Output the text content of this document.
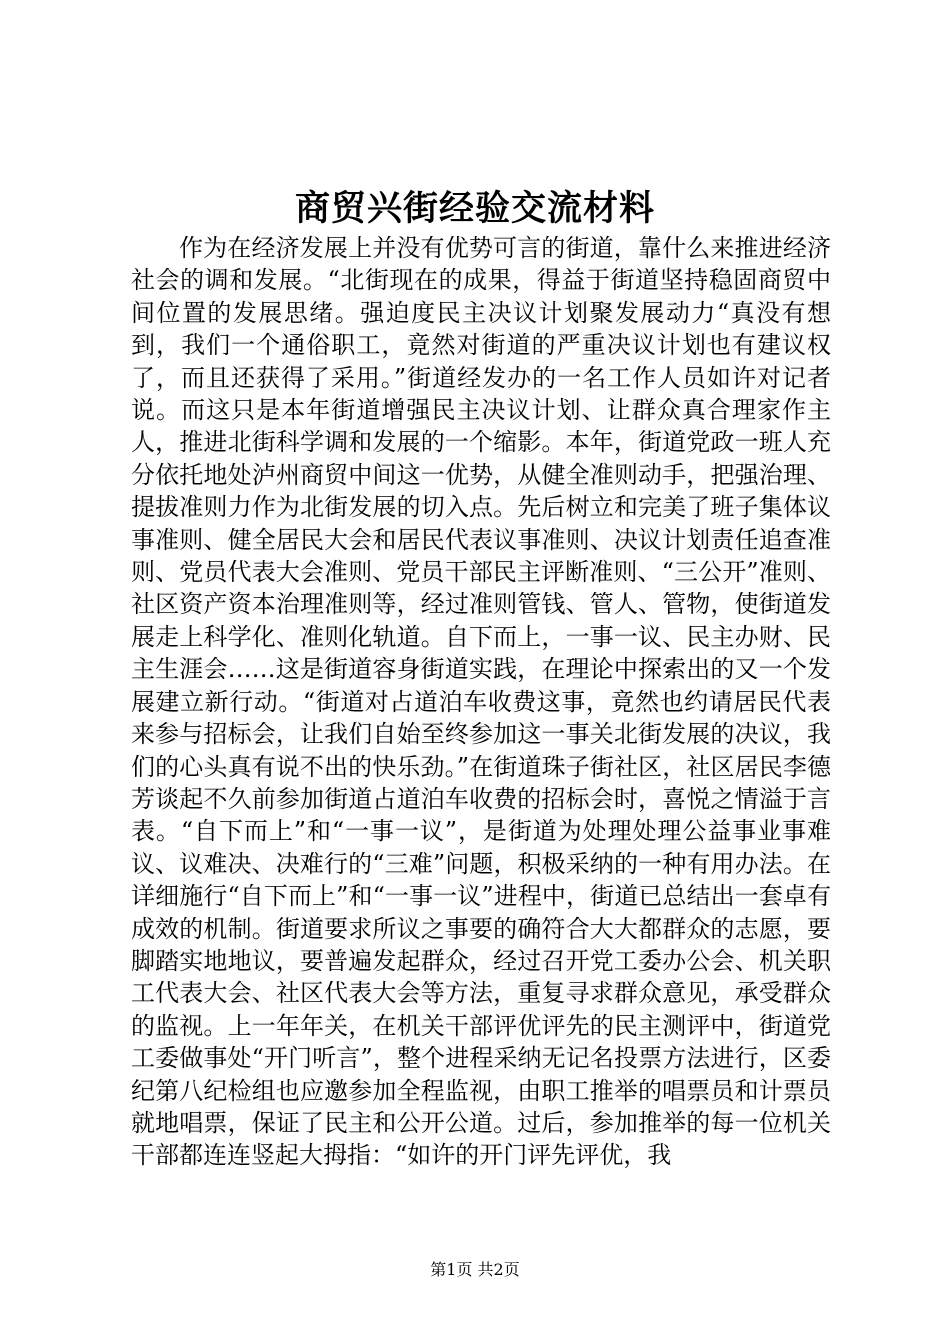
商贸兴街经验交流材料

作为在经济发展上并没有优势可言的街道，靠什么来推进经济社会的调和发展。“北街现在的成果，得益于街道坚持稳固商贸中间位置的发展思绪。强迫度民主决议计划聚发展动力“真没有想到，我们一个通俗职工，竟然对街道的严重决议计划也有建议权了，而且还获得了采用。”街道经发办的一名工作人员如许对记者说。而这只是本年街道增强民主决议计划、让群众真合理家作主人，推进北街科学调和发展的一个缩影。本年，街道党政一班人充分依托地处泸州商贸中间这一优势，从健全准则动手，把强治理、提拔准则力作为北街发展的切入点。先后树立和完美了班子集体议事准则、健全居民大会和居民代表议事准则、决议计划责任追查准则、党员代表大会准则、党员干部民主评断准则、“三公开”准则、社区资产资本治理准则等，经过准则管钱、管人、管物，使街道发展走上科学化、准则化轨道。自下而上，一事一议、民主办财、民主生涯会……这是街道容身街道实践，在理论中探索出的又一个发展建立新行动。“街道对占道泊车收费这事，竟然也约请居民代表来参与招标会，让我们自始至终参加这一事关北街发展的决议，我们的心头真有说不出的快乐劲。”在街道珠子街社区，社区居民李德芳谈起不久前参加街道占道泊车收费的招标会时，喜悦之情溢于言表。“自下而上”和“一事一议”，是街道为处理处理公益事业事难议、议难决、决难行的“三难”问题，积极采纳的一种有用办法。在详细施行“自下而上”和“一事一议”进程中，街道已总结出一套卓有成效的机制。街道要求所议之事要的确符合大大都群众的志愿，要脚踏实地地议，要普遍发起群众，经过召开党工委办公会、机关职工代表大会、社区代表大会等方法，重复寻求群众意见，承受群众的监视。上一年年关，在机关干部评优评先的民主测评中，街道党工委做事处“开门听言”，整个进程采纳无记名投票方法进行，区委纪第八纪检组也应邀参加全程监视，由职工推举的唱票员和计票员就地唱票，保证了民主和公开公道。过后，参加推举的每一位机关干部都连连竖起大拇指：“如许的开门评先评优，我

第1页 共2页
